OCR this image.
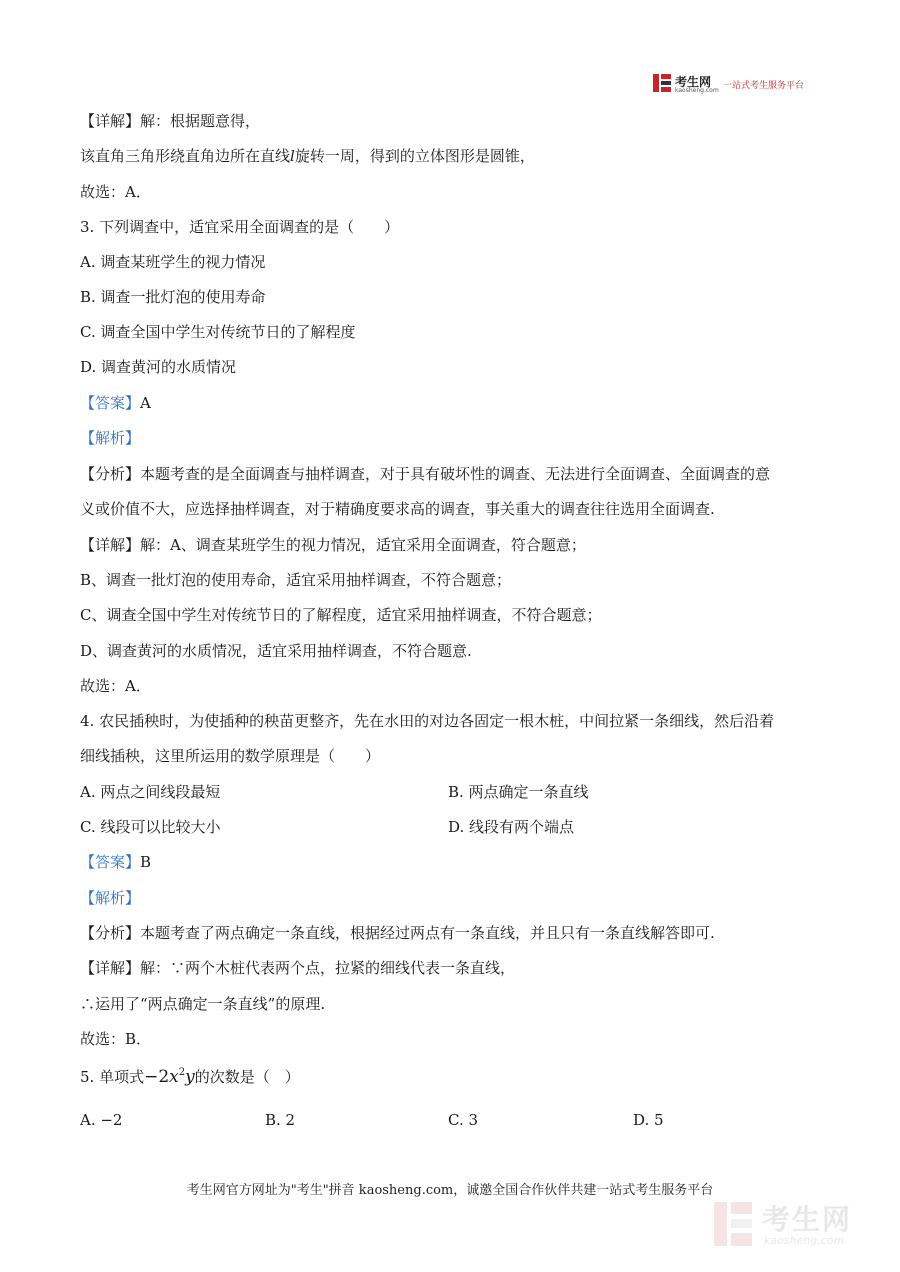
考生网
kaosheng.com 一站式考生服务平台
【详解】解：根据题意得，
该直角三角形绕直角边所在直线l旋转一周，得到的立体图形是圆锥，
故选：A．
3. 下列调查中，适宜采用全面调查的是（　　）
A. 调查某班学生的视力情况
B. 调查一批灯泡的使用寿命
C. 调查全国中学生对传统节日的了解程度
D. 调查黄河的水质情况
【答案】A
【解析】
【分析】本题考查的是全面调查与抽样调查，对于具有破坏性的调查、无法进行全面调查、全面调查的意
义或价值不大，应选择抽样调查，对于精确度要求高的调查，事关重大的调查往往选用全面调查.
【详解】解：A、调查某班学生的视力情况，适宜采用全面调查，符合题意；
B、调查一批灯泡的使用寿命，适宜采用抽样调查，不符合题意；
C、调查全国中学生对传统节日的了解程度，适宜采用抽样调查，不符合题意；
D、调查黄河的水质情况，适宜采用抽样调查，不符合题意.
故选：A．
4. 农民插秧时，为使插种的秧苗更整齐，先在水田的对边各固定一根木桩，中间拉紧一条细线，然后沿着
细线插秧，这里所运用的数学原理是（　　）
A. 两点之间线段最短	B. 两点确定一条直线
C. 线段可以比较大小	D. 线段有两个端点
【答案】B
【解析】
【分析】本题考查了两点确定一条直线，根据经过两点有一条直线，并且只有一条直线解答即可.
【详解】解：∵两个木桩代表两个点，拉紧的细线代表一条直线，
∴运用了“两点确定一条直线”的原理.
故选：B．
5. 单项式$-2x^2y$的次数是（　）
A. −2	B. 2	C. 3	D. 5
考生网官方网址为"考生"拼音 kaosheng.com，诚邀全国合作伙伴共建一站式考生服务平台
考生网
kaosheng.com
